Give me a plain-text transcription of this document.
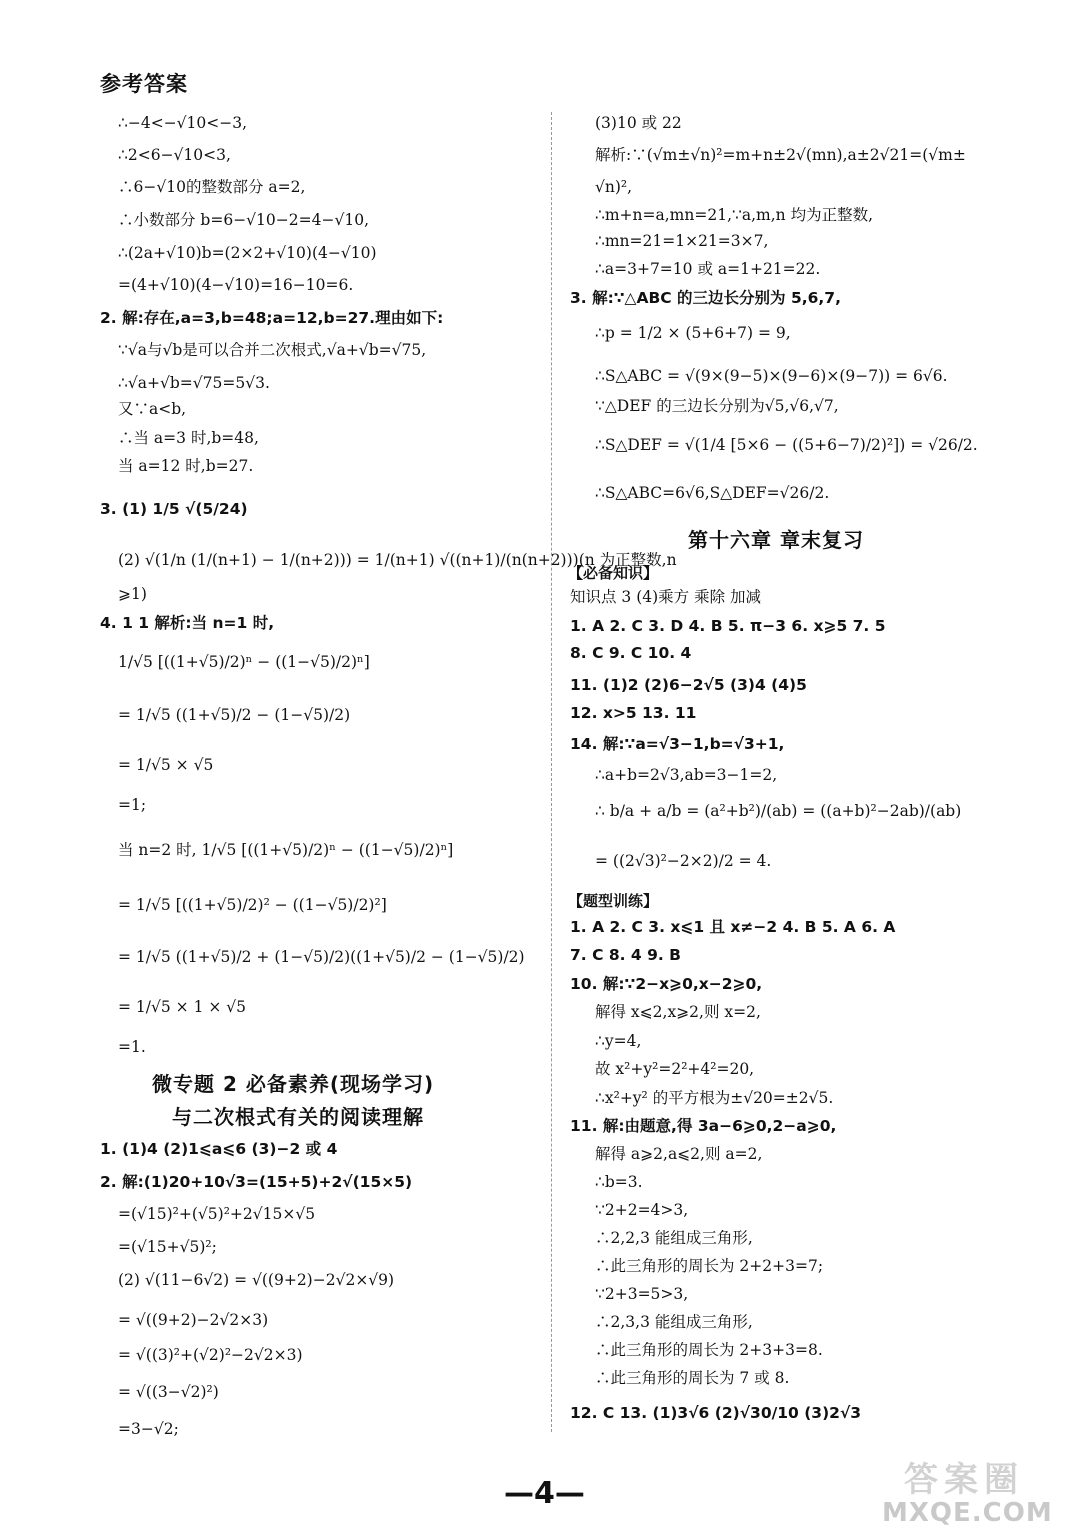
参考答案
∴−4<−√10<−3,
∴2<6−√10<3,
∴6−√10的整数部分 a=2,
∴小数部分 b=6−√10−2=4−√10,
∴(2a+√10)b=(2×2+√10)(4−√10)
=(4+√10)(4−√10)=16−10=6.
2. 解:存在,a=3,b=48;a=12,b=27.理由如下:
∵√a与√b是可以合并二次根式,√a+√b=√75,
∴√a+√b=√75=5√3.
又∵a<b,
∴当 a=3 时,b=48,
当 a=12 时,b=27.
3. (1) 1/5 √(5/24)
(2) √(1/n (1/(n+1) − 1/(n+2))) = 1/(n+1) √((n+1)/(n(n+2)))(n 为正整数,n
⩾1)
4. 1 1 解析:当 n=1 时,
1/√5 [((1+√5)/2)ⁿ − ((1−√5)/2)ⁿ]
= 1/√5 ((1+√5)/2 − (1−√5)/2)
= 1/√5 × √5
=1;
当 n=2 时, 1/√5 [((1+√5)/2)ⁿ − ((1−√5)/2)ⁿ]
= 1/√5 [((1+√5)/2)² − ((1−√5)/2)²]
= 1/√5 ((1+√5)/2 + (1−√5)/2)((1+√5)/2 − (1−√5)/2)
= 1/√5 × 1 × √5
=1.
微专题 2 必备素养(现场学习)
与二次根式有关的阅读理解
1. (1)4 (2)1⩽a⩽6 (3)−2 或 4
2. 解:(1)20+10√3=(15+5)+2√(15×5)
=(√15)²+(√5)²+2√15×√5
=(√15+√5)²;
(2) √(11−6√2) = √((9+2)−2√2×√9)
= √((9+2)−2√2×3)
= √((3)²+(√2)²−2√2×3)
= √((3−√2)²)
=3−√2;
(3)10 或 22
解析:∵(√m±√n)²=m+n±2√(mn),a±2√21=(√m±
√n)²,
∴m+n=a,mn=21,∵a,m,n 均为正整数,
∴mn=21=1×21=3×7,
∴a=3+7=10 或 a=1+21=22.
3. 解:∵△ABC 的三边长分别为 5,6,7,
∴p = 1/2 × (5+6+7) = 9,
∴S△ABC = √(9×(9−5)×(9−6)×(9−7)) = 6√6.
∵△DEF 的三边长分别为√5,√6,√7,
∴S△DEF = √(1/4 [5×6 − ((5+6−7)/2)²]) = √26/2.
∴S△ABC=6√6,S△DEF=√26/2.
第十六章 章末复习
【必备知识】
知识点 3 (4)乘方 乘除 加减
1. A 2. C 3. D 4. B 5. π−3 6. x⩾5 7. 5
8. C 9. C 10. 4
11. (1)2 (2)6−2√5 (3)4 (4)5
12. x>5 13. 11
14. 解:∵a=√3−1,b=√3+1,
∴a+b=2√3,ab=3−1=2,
∴ b/a + a/b = (a²+b²)/(ab) = ((a+b)²−2ab)/(ab)
= ((2√3)²−2×2)/2 = 4.
【题型训练】
1. A 2. C 3. x⩽1 且 x≠−2 4. B 5. A 6. A
7. C 8. 4 9. B
10. 解:∵2−x⩾0,x−2⩾0,
解得 x⩽2,x⩾2,则 x=2,
∴y=4,
故 x²+y²=2²+4²=20,
∴x²+y² 的平方根为±√20=±2√5.
11. 解:由题意,得 3a−6⩾0,2−a⩾0,
解得 a⩾2,a⩽2,则 a=2,
∴b=3.
∵2+2=4>3,
∴2,2,3 能组成三角形,
∴此三角形的周长为 2+2+3=7;
∵2+3=5>3,
∴2,3,3 能组成三角形,
∴此三角形的周长为 2+3+3=8.
∴此三角形的周长为 7 或 8.
12. C 13. (1)3√6 (2)√30/10 (3)2√3
—4—	答案圈
MXQE.COM
